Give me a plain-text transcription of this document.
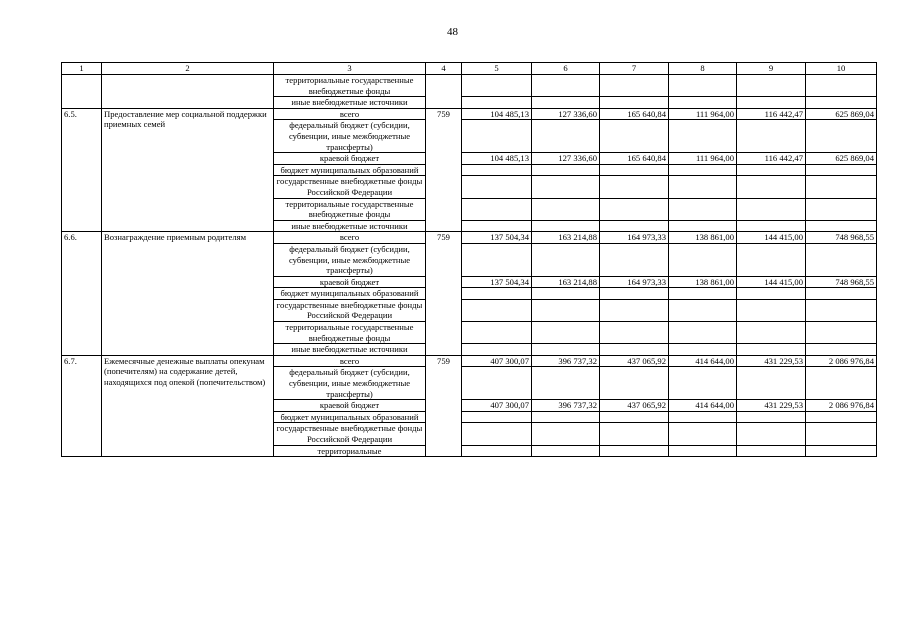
48
1	2	3	4	5	6	7	8	9	10
		территориальные государственные внебюджетные фонды							
		иные внебюджетные источники							
6.5.	Предоставление мер социальной поддержки приемных семей	всего	759	104 485,13	127 336,60	165 640,84	111 964,00	116 442,47	625 869,04
		федеральный бюджет (субсидии, субвенции, иные межбюджетные трансферты)							
		краевой бюджет		104 485,13	127 336,60	165 640,84	111 964,00	116 442,47	625 869,04
		бюджет муниципальных образований							
		государственные внебюджетные фонды Российской Федерации							
		территориальные государственные внебюджетные фонды							
		иные внебюджетные источники							
6.6.	Вознаграждение приемным родителям	всего	759	137 504,34	163 214,88	164 973,33	138 861,00	144 415,00	748 968,55
		федеральный бюджет (субсидии, субвенции, иные межбюджетные трансферты)							
		краевой бюджет		137 504,34	163 214,88	164 973,33	138 861,00	144 415,00	748 968,55
		бюджет муниципальных образований							
		государственные внебюджетные фонды Российской Федерации							
		территориальные государственные внебюджетные фонды							
		иные внебюджетные источники							
6.7.	Ежемесячные денежные выплаты опекунам (попечителям) на содержание детей, находящихся под опекой (попечительством)	всего	759	407 300,07	396 737,32	437 065,92	414 644,00	431 229,53	2 086 976,84
		федеральный бюджет (субсидии, субвенции, иные межбюджетные трансферты)							
		краевой бюджет		407 300,07	396 737,32	437 065,92	414 644,00	431 229,53	2 086 976,84
		бюджет муниципальных образований							
		государственные внебюджетные фонды Российской Федерации							
		территориальные							
